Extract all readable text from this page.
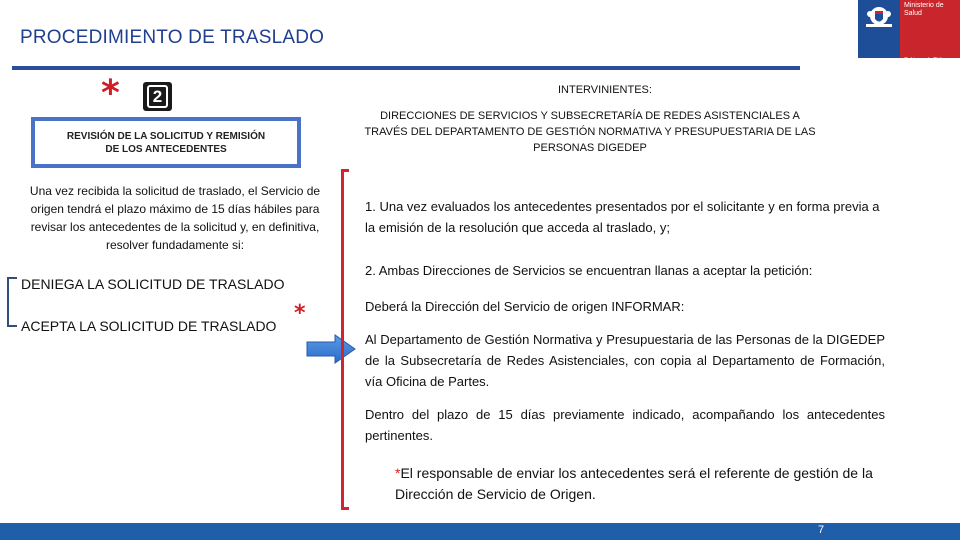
PROCEDIMIENTO DE TRASLADO
Ministerio de Salud
Gobierno de Chile
*	2
REVISIÓN DE LA SOLICITUD Y REMISIÓN DE LOS ANTECEDENTES
Una vez recibida la solicitud de traslado, el Servicio de origen tendrá el plazo máximo de 15 días hábiles para revisar los antecedentes de la solicitud y, en definitiva, resolver fundadamente si:
DENIEGA LA SOLICITUD DE TRASLADO
ACEPTA LA SOLICITUD DE TRASLADO *
INTERVINIENTES:
DIRECCIONES DE SERVICIOS Y SUBSECRETARÍA DE REDES ASISTENCIALES A TRAVÉS DEL DEPARTAMENTO DE GESTIÓN NORMATIVA Y PRESUPUESTARIA DE LAS PERSONAS DIGEDEP
1. Una vez evaluados los antecedentes presentados por el solicitante y en forma previa a la emisión de la resolución que acceda al traslado, y;
2. Ambas Direcciones de Servicios se encuentran llanas a aceptar la petición:
Deberá la Dirección del Servicio de origen INFORMAR:
Al Departamento de Gestión Normativa y Presupuestaria de las Personas de la DIGEDEP de la Subsecretaría de Redes Asistenciales, con copia al Departamento de Formación, vía Oficina de Partes.
Dentro del plazo de 15 días previamente indicado, acompañando los antecedentes pertinentes.
*El responsable de enviar los antecedentes será el referente de gestión de la Dirección de Servicio de Origen.
7
